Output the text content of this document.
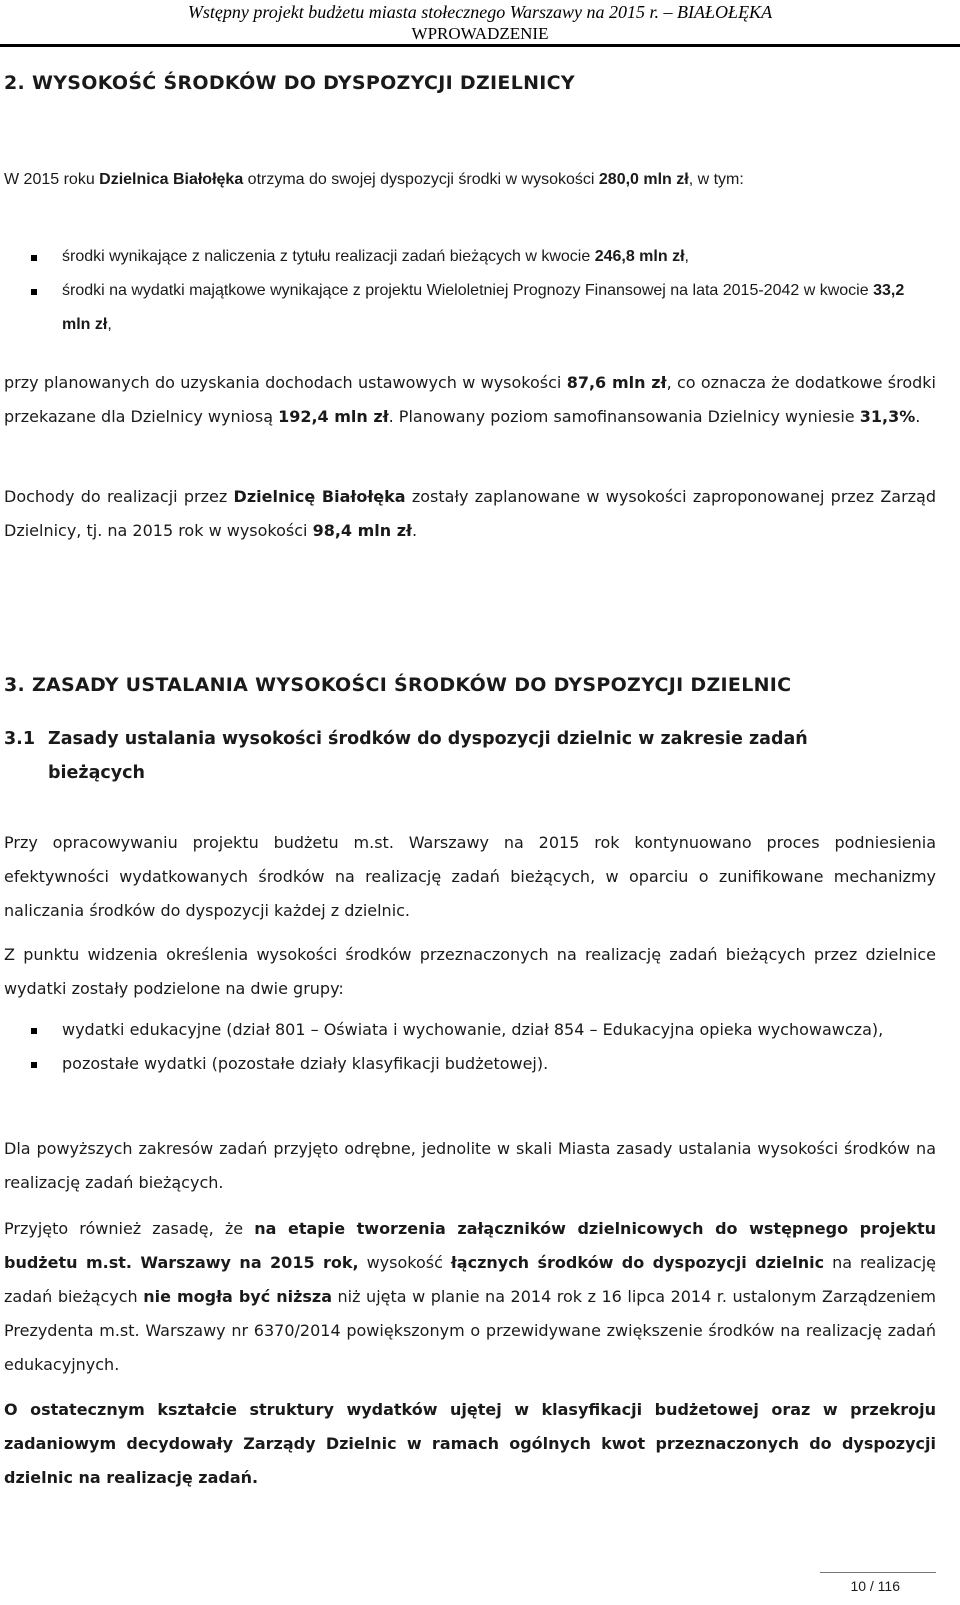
Wstępny projekt budżetu miasta stołecznego Warszawy na 2015 r. – BIAŁOŁĘKA
WPROWADZENIE
2. WYSOKOŚĆ ŚRODKÓW DO DYSPOZYCJI DZIELNICY

W 2015 roku Dzielnica Białołęka otrzyma do swojej dyspozycji środki w wysokości 280,0 mln zł, w tym:

środki wynikające z naliczenia z tytułu realizacji zadań bieżących w kwocie 246,8 mln zł,
środki na wydatki majątkowe wynikające z projektu Wieloletniej Prognozy Finansowej na lata 2015-2042 w kwocie 33,2 mln zł,

przy planowanych do uzyskania dochodach ustawowych w wysokości 87,6 mln zł, co oznacza że dodatkowe środki przekazane dla Dzielnicy wyniosą 192,4 mln zł. Planowany poziom samofinansowania Dzielnicy wyniesie 31,3%.

Dochody do realizacji przez Dzielnicę Białołęka zostały zaplanowane w wysokości zaproponowanej przez Zarząd Dzielnicy, tj. na 2015 rok w wysokości 98,4 mln zł.

3. ZASADY USTALANIA WYSOKOŚCI ŚRODKÓW DO DYSPOZYCJI DZIELNIC
3.1 Zasady ustalania wysokości środków do dyspozycji dzielnic w zakresie zadań
bieżących

Przy opracowywaniu projektu budżetu m.st. Warszawy na 2015 rok kontynuowano proces podniesienia efektywności wydatkowanych środków na realizację zadań bieżących, w oparciu o zunifikowane mechanizmy naliczania środków do dyspozycji każdej z dzielnic.

Z punktu widzenia określenia wysokości środków przeznaczonych na realizację zadań bieżących przez dzielnice wydatki zostały podzielone na dwie grupy:

wydatki edukacyjne (dział 801 – Oświata i wychowanie, dział 854 – Edukacyjna opieka wychowawcza),
pozostałe wydatki (pozostałe działy klasyfikacji budżetowej).

Dla powyższych zakresów zadań przyjęto odrębne, jednolite w skali Miasta zasady ustalania wysokości środków na realizację zadań bieżących.

Przyjęto również zasadę, że na etapie tworzenia załączników dzielnicowych do wstępnego projektu budżetu m.st. Warszawy na 2015 rok, wysokość łącznych środków do dyspozycji dzielnic na realizację zadań bieżących nie mogła być niższa niż ujęta w planie na 2014 rok z 16 lipca 2014 r. ustalonym Zarządzeniem Prezydenta m.st. Warszawy nr 6370/2014 powiększonym o przewidywane zwiększenie środków na realizację zadań edukacyjnych.

O ostatecznym kształcie struktury wydatków ujętej w klasyfikacji budżetowej oraz w przekroju zadaniowym decydowały Zarządy Dzielnic w ramach ogólnych kwot przeznaczonych do dyspozycji dzielnic na realizację zadań.

10 / 116
